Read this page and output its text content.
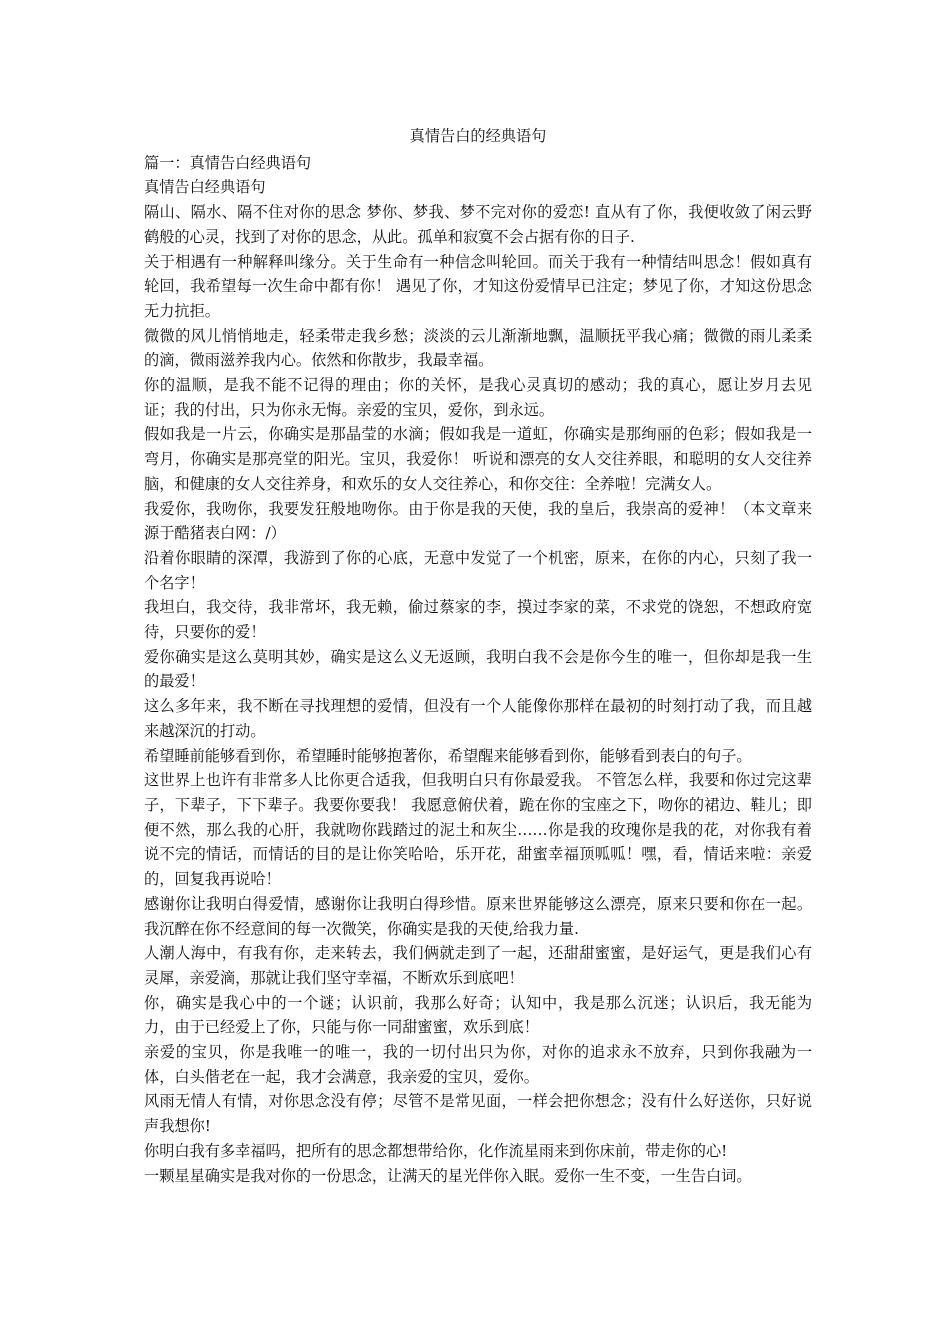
真情告白的经典语句

篇一：真情告白经典语句

真情告白经典语句

隔山、隔水、隔不住对你的思念 梦你、梦我、梦不完对你的爱恋! 直从有了你，我便收敛了闲云野鹤般的心灵，找到了对你的思念，从此。孤单和寂寞不会占据有你的日子.

关于相遇有一种解释叫缘分。关于生命有一种信念叫轮回。而关于我有一种情结叫思念！假如真有轮回，我希望每一次生命中都有你！ 遇见了你，才知这份爱情早已注定；梦见了你，才知这份思念无力抗拒。

微微的风儿悄悄地走，轻柔带走我乡愁；淡淡的云儿渐渐地飘，温顺抚平我心痛；微微的雨儿柔柔的滴，微雨滋养我内心。依然和你散步，我最幸福。

你的温顺，是我不能不记得的理由；你的关怀，是我心灵真切的感动；我的真心，愿让岁月去见证；我的付出，只为你永无悔。亲爱的宝贝，爱你，到永远。

假如我是一片云，你确实是那晶莹的水滴；假如我是一道虹，你确实是那绚丽的色彩；假如我是一弯月，你确实是那亮堂的阳光。宝贝，我爱你！ 听说和漂亮的女人交往养眼，和聪明的女人交往养脑，和健康的女人交往养身，和欢乐的女人交往养心，和你交往：全养啦！完满女人。

我爱你，我吻你，我要发狂般地吻你。由于你是我的天使，我的皇后，我崇高的爱神！（本文章来源于酷猪表白网：/）

沿着你眼睛的深潭，我游到了你的心底，无意中发觉了一个机密，原来，在你的内心，只刻了我一个名字！

我坦白，我交待，我非常坏，我无赖，偷过蔡家的李，摸过李家的菜，不求党的饶恕，不想政府宽待，只要你的爱！

爱你确实是这么莫明其妙，确实是这么义无返顾，我明白我不会是你今生的唯一，但你却是我一生的最爱！

这么多年来，我不断在寻找理想的爱情，但没有一个人能像你那样在最初的时刻打动了我，而且越来越深沉的打动。

希望睡前能够看到你，希望睡时能够抱著你，希望醒来能够看到你，能够看到表白的句子。

这世界上也许有非常多人比你更合适我，但我明白只有你最爱我。 不管怎么样，我要和你过完这辈子，下辈子，下下辈子。我要你要我！ 我愿意俯伏着，跪在你的宝座之下，吻你的裙边、鞋儿；即便不然，那么我的心肝，我就吻你践踏过的泥土和灰尘……你是我的玫瑰你是我的花，对你我有着说不完的情话，而情话的目的是让你笑哈哈，乐开花，甜蜜幸福顶呱呱！嘿，看，情话来啦：亲爱的，回复我再说哈！

感谢你让我明白得爱情，感谢你让我明白得珍惜。原来世界能够这么漂亮，原来只要和你在一起。我沉醉在你不经意间的每一次微笑，你确实是我的天使,给我力量.

人潮人海中，有我有你，走来转去，我们俩就走到了一起，还甜甜蜜蜜，是好运气，更是我们心有灵犀，亲爱滴，那就让我们坚守幸福，不断欢乐到底吧！

你，确实是我心中的一个谜；认识前，我那么好奇；认知中，我是那么沉迷；认识后，我无能为力，由于已经爱上了你，只能与你一同甜蜜蜜，欢乐到底！

亲爱的宝贝，你是我唯一的唯一，我的一切付出只为你，对你的追求永不放弃，只到你我融为一体，白头偕老在一起，我才会满意，我亲爱的宝贝，爱你。

风雨无情人有情，对你思念没有停；尽管不是常见面，一样会把你想念；没有什么好送你，只好说声我想你!

你明白我有多幸福吗，把所有的思念都想带给你，化作流星雨来到你床前，带走你的心!

一颗星星确实是我对你的一份思念，让满天的星光伴你入眠。爱你一生不变，一生告白词。
